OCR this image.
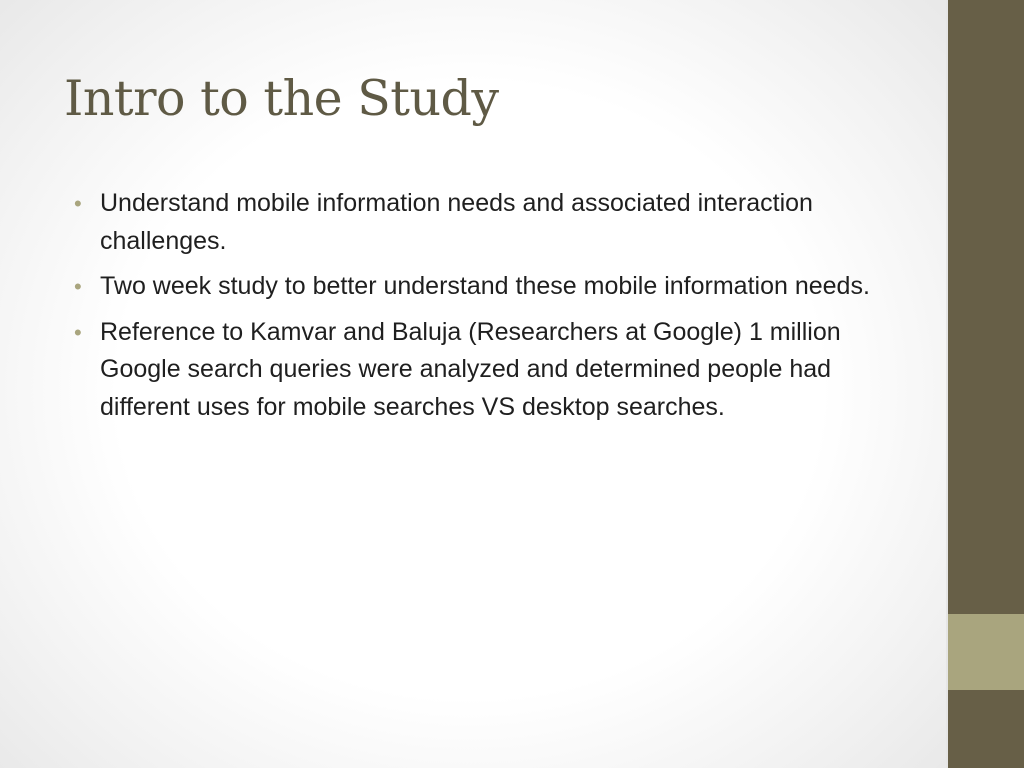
Intro to the Study
• Understand mobile information needs and associated interaction challenges.
• Two week study to better understand these mobile information needs.
• Reference to Kamvar and Baluja (Researchers at Google) 1 million Google search queries were analyzed and determined people had different uses for mobile searches VS desktop searches.
